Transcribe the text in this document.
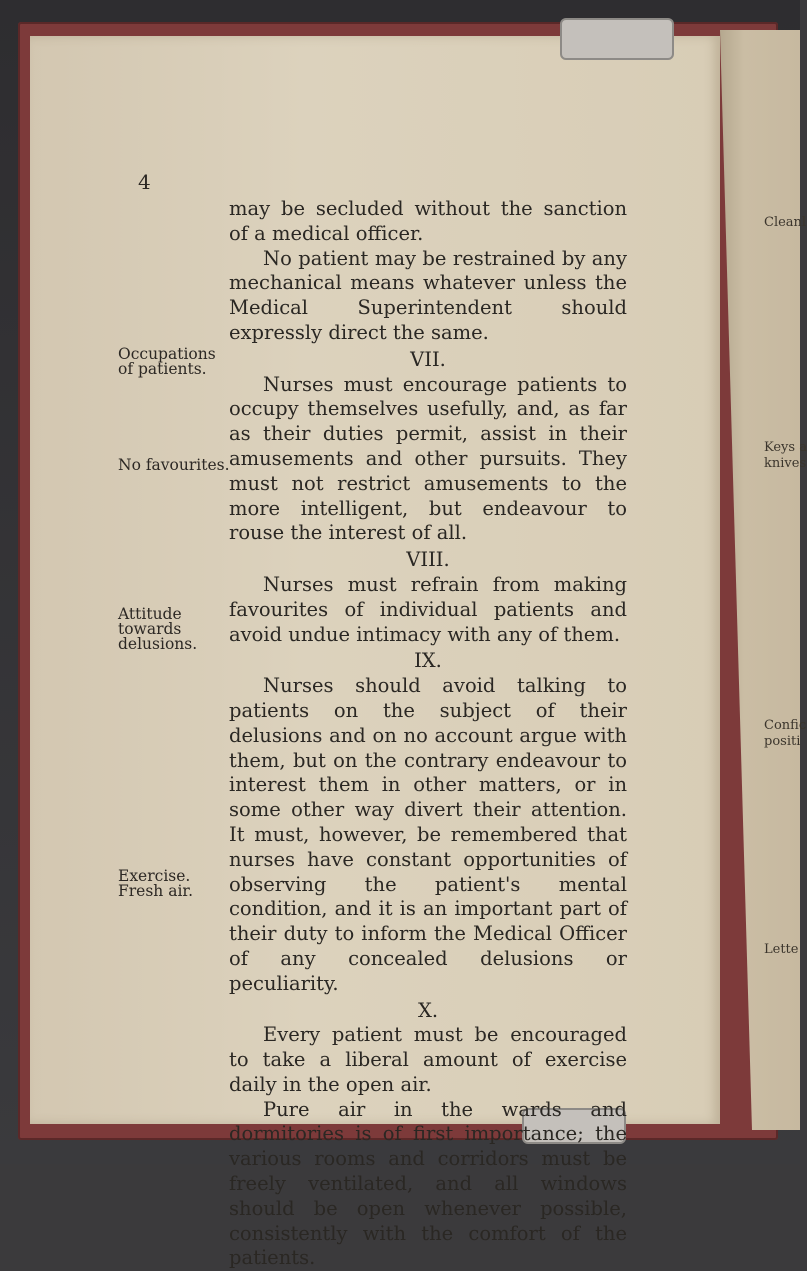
Cleanl
Keys a
knives
Confic
positi
Lette
4
Occupations
of patients.
No favourites.
Attitude
towards
delusions.
Exercise.
Fresh air.

may be secluded without the sanction of a medical officer.

No patient may be restrained by any mechanical means whatever unless the Medical Superintendent should expressly direct the same.

VII.

Nurses must encourage patients to occupy themselves usefully, and, as far as their duties permit, assist in their amusements and other pursuits. They must not restrict amusements to the more intelligent, but endeavour to rouse the interest of all.

VIII.

Nurses must refrain from making favourites of individual patients and avoid undue intimacy with any of them.

IX.

Nurses should avoid talking to patients on the subject of their delusions and on no account argue with them, but on the contrary endeavour to interest them in other matters, or in some other way divert their attention. It must, however, be remembered that nurses have constant opportunities of observing the patient's mental condition, and it is an important part of their duty to inform the Medical Officer of any concealed delusions or peculiarity.

X.

Every patient must be encouraged to take a liberal amount of exercise daily in the open air.

Pure air in the wards and dormitories is of first importance; the various rooms and corridors must be freely ventilated, and all windows should be open whenever possible, consistently with the comfort of the patients.
